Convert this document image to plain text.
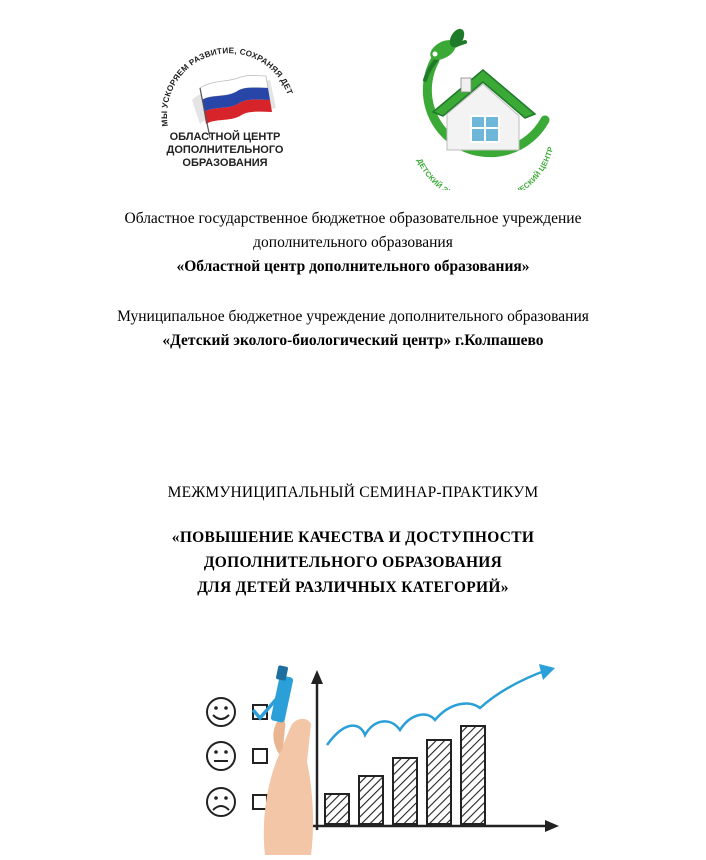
МЫ УСКОРЯЕМ РАЗВИТИЕ, СОХРАНЯЯ ДЕТ
ОБЛАСТНОЙ ЦЕНТР
ДОПОЛНИТЕЛЬНОГО
ОБРАЗОВАНИЯ	ДЕТСКИЙ Э ЕСКИЙ ЦЕНТР
Областное государственное бюджетное образовательное учреждение
дополнительного образования
«Областной центр дополнительного образования»
Муниципальное бюджетное учреждение дополнительного образования
«Детский эколого-биологический центр» г.Колпашево
МЕЖМУНИЦИПАЛЬНЫЙ СЕМИНАР-ПРАКТИКУМ
«ПОВЫШЕНИЕ КАЧЕСТВА И ДОСТУПНОСТИ
ДОПОЛНИТЕЛЬНОГО ОБРАЗОВАНИЯ
ДЛЯ ДЕТЕЙ РАЗЛИЧНЫХ КАТЕГОРИЙ»
